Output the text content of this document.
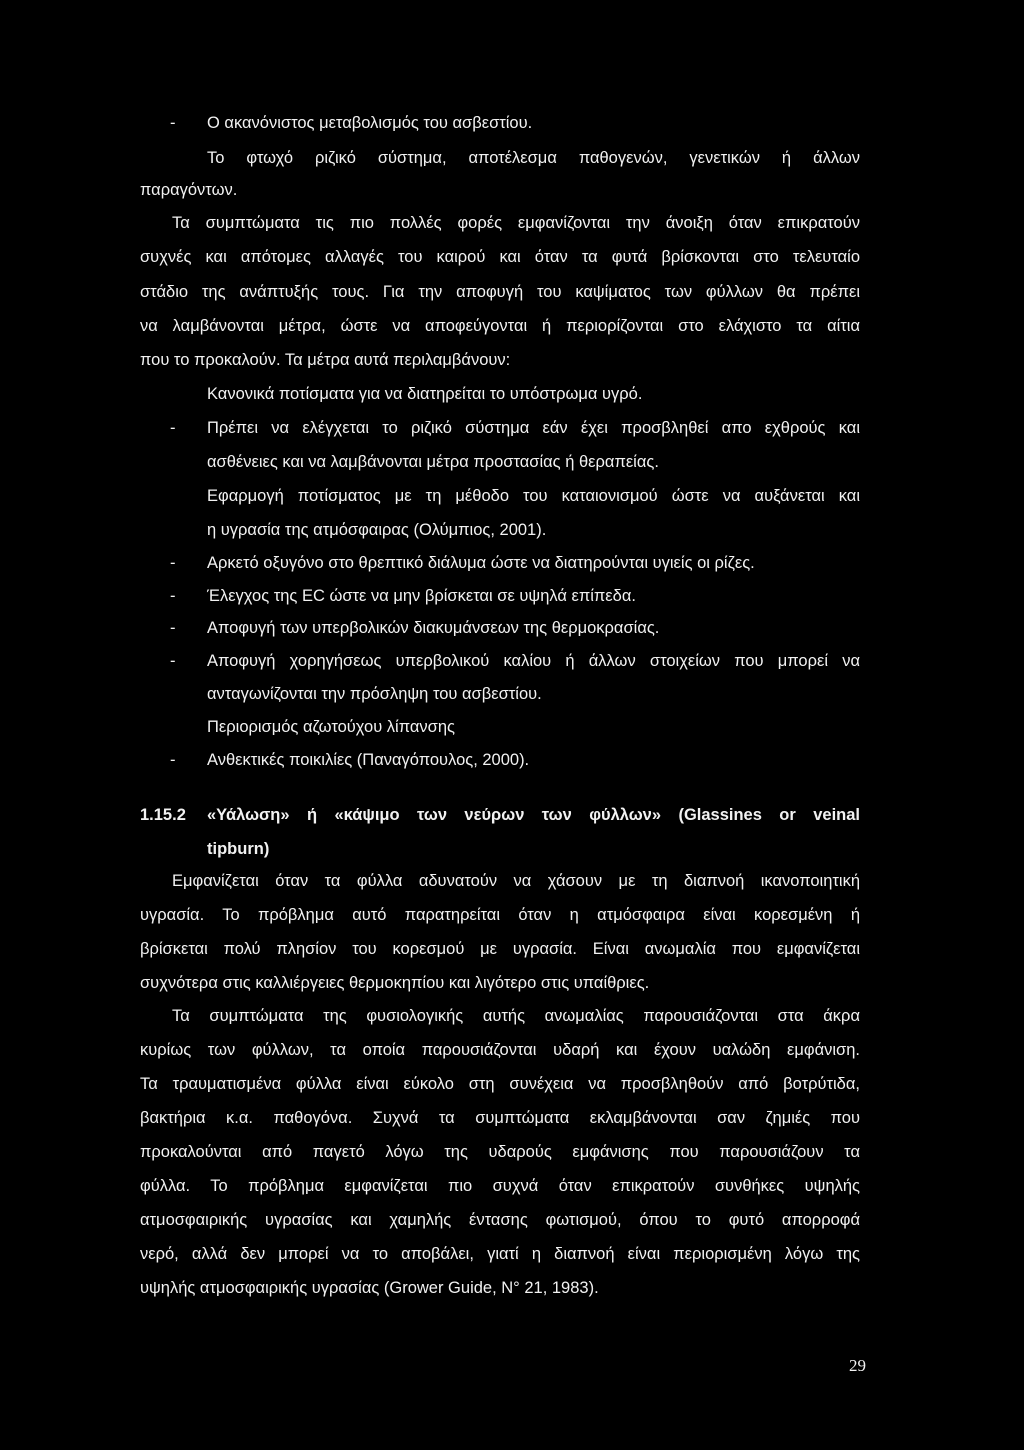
- Ο ακανόνιστος μεταβολισμός του ασβεστίου.
Το φτωχό ριζικό σύστημα, αποτέλεσμα παθογενών, γενετικών ή άλλων
παραγόντων.
Τα συμπτώματα τις πιο πολλές φορές εμφανίζονται την άνοιξη όταν επικρατούν
συχνές και απότομες αλλαγές του καιρού και όταν τα φυτά βρίσκονται στο τελευταίο
στάδιο της ανάπτυξής τους. Για την αποφυγή του καψίματος των φύλλων θα πρέπει
να λαμβάνονται μέτρα, ώστε να αποφεύγονται ή περιορίζονται στο ελάχιστο τα αίτια
που το προκαλούν. Τα μέτρα αυτά περιλαμβάνουν:
Κανονικά ποτίσματα για να διατηρείται το υπόστρωμα υγρό.
- Πρέπει να ελέγχεται το ριζικό σύστημα εάν έχει προσβληθεί απο εχθρούς και
ασθένειες και να λαμβάνονται μέτρα προστασίας ή θεραπείας.
Εφαρμογή ποτίσματος με τη μέθοδο του καταιονισμού ώστε να αυξάνεται και
η υγρασία της ατμόσφαιρας (Ολύμπιος, 2001).
- Αρκετό οξυγόνο στο θρεπτικό διάλυμα ώστε να διατηρούνται υγιείς οι ρίζες.
- Έλεγχος της EC ώστε να μην βρίσκεται σε υψηλά επίπεδα.
- Αποφυγή των υπερβολικών διακυμάνσεων της θερμοκρασίας.
- Αποφυγή χορηγήσεως υπερβολικού καλίου ή άλλων στοιχείων που μπορεί να
ανταγωνίζονται την πρόσληψη του ασβεστίου.
Περιορισμός αζωτούχου λίπανσης
- Ανθεκτικές ποικιλίες (Παναγόπουλος, 2000).
1.15.2 «Υάλωση» ή «κάψιμο των νεύρων των φύλλων» (Glassines or veinal
tipburn)
Εμφανίζεται όταν τα φύλλα αδυνατούν να χάσουν με τη διαπνοή ικανοποιητική
υγρασία. Το πρόβλημα αυτό παρατηρείται όταν η ατμόσφαιρα είναι κορεσμένη ή
βρίσκεται πολύ πλησίον του κορεσμού με υγρασία. Είναι ανωμαλία που εμφανίζεται
συχνότερα στις καλλιέργειες θερμοκηπίου και λιγότερο στις υπαίθριες.
Τα συμπτώματα της φυσιολογικής αυτής ανωμαλίας παρουσιάζονται στα άκρα
κυρίως των φύλλων, τα οποία παρουσιάζονται υδαρή και έχουν υαλώδη εμφάνιση.
Τα τραυματισμένα φύλλα είναι εύκολο στη συνέχεια να προσβληθούν από βοτρύτιδα,
βακτήρια κ.α. παθογόνα. Συχνά τα συμπτώματα εκλαμβάνονται σαν ζημιές που
προκαλούνται από παγετό λόγω της υδαρούς εμφάνισης που παρουσιάζουν τα
φύλλα. Το πρόβλημα εμφανίζεται πιο συχνά όταν επικρατούν συνθήκες υψηλής
ατμοσφαιρικής υγρασίας και χαμηλής έντασης φωτισμού, όπου το φυτό απορροφά
νερό, αλλά δεν μπορεί να το αποβάλει, γιατί η διαπνοή είναι περιορισμένη λόγω της
υψηλής ατμοσφαιρικής υγρασίας (Grower Guide, N° 21, 1983).
29
